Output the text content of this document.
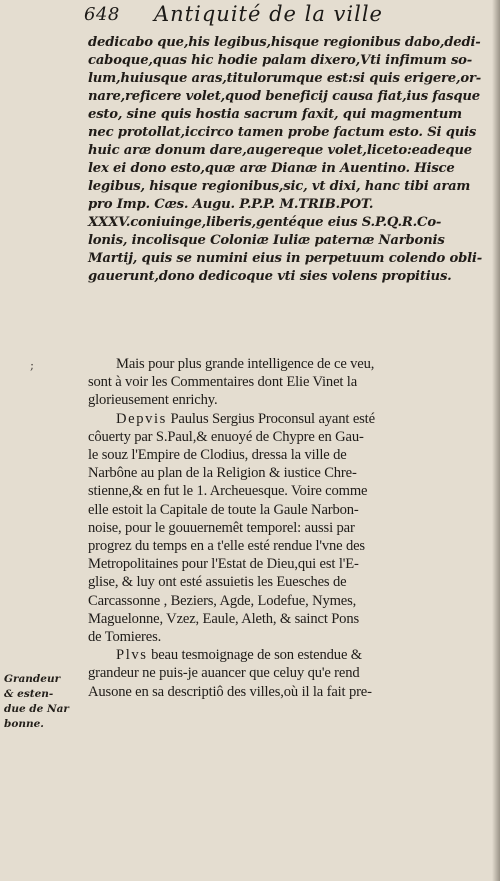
648 Antiquité de la ville
dedicabo que,his legibus,hisque regionibus dabo,dedi-
caboque,quas hic hodie palam dixero,Vti infimum so-
lum,huiusque aras,titulorumque est:si quis erigere,or-
nare,reficere volet,quod beneficij causa fiat,ius fasque
esto, sine quis hostia sacrum faxit, qui magmentum
nec protollat,iccirco tamen probe factum esto. Si quis
huic aræ donum dare,augereque volet,liceto:eadeque
lex ei dono esto,quæ aræ Dianæ in Auentino. Hisce
legibus, hisque regionibus,sic, vt dixi, hanc tibi aram
pro Imp. Cæs. Augu. P.P.P. M.TRIB.POT.
XXXV.coniuinge,liberis,gentéque eius S.P.Q.R.Co-
lonis, incolisque Coloniæ Iuliæ paternæ Narbonis
Martij, quis se numini eius in perpetuum colendo obli-
gauerunt,dono dedicoque vti sies volens propitius.
;	Mais pour plus grande intelligence de ce veu,
sont à voir les Commentaires dont Elie Vinet la
glorieusement enrichy.
Depvis Paulus Sergius Proconsul ayant esté
côuerty par S.Paul,& enuoyé de Chypre en Gau-
le souz l'Empire de Clodius, dressa la ville de
Narbône au plan de la Religion & iustice Chre-
stienne,& en fut le 1. Archeuesque. Voire comme
elle estoit la Capitale de toute la Gaule Narbon-
noise, pour le gouuernemêt temporel: aussi par
progrez du temps en a t'elle esté rendue l'vne des
Metropolitaines pour l'Estat de Dieu,qui est l'E-
glise, & luy ont esté assuietis les Euesches de
Carcassonne , Beziers, Agde, Lodefue, Nymes,
Maguelonne, Vzez, Eaule, Aleth, & sainct Pons
de Tomieres.
Plvs beau tesmoignage de son estendue &
grandeur ne puis-je auancer que celuy qu'e rend
Ausone en sa descriptiô des villes,où il la fait pre-
Grandeur
& esten-
due de Nar
bonne.
